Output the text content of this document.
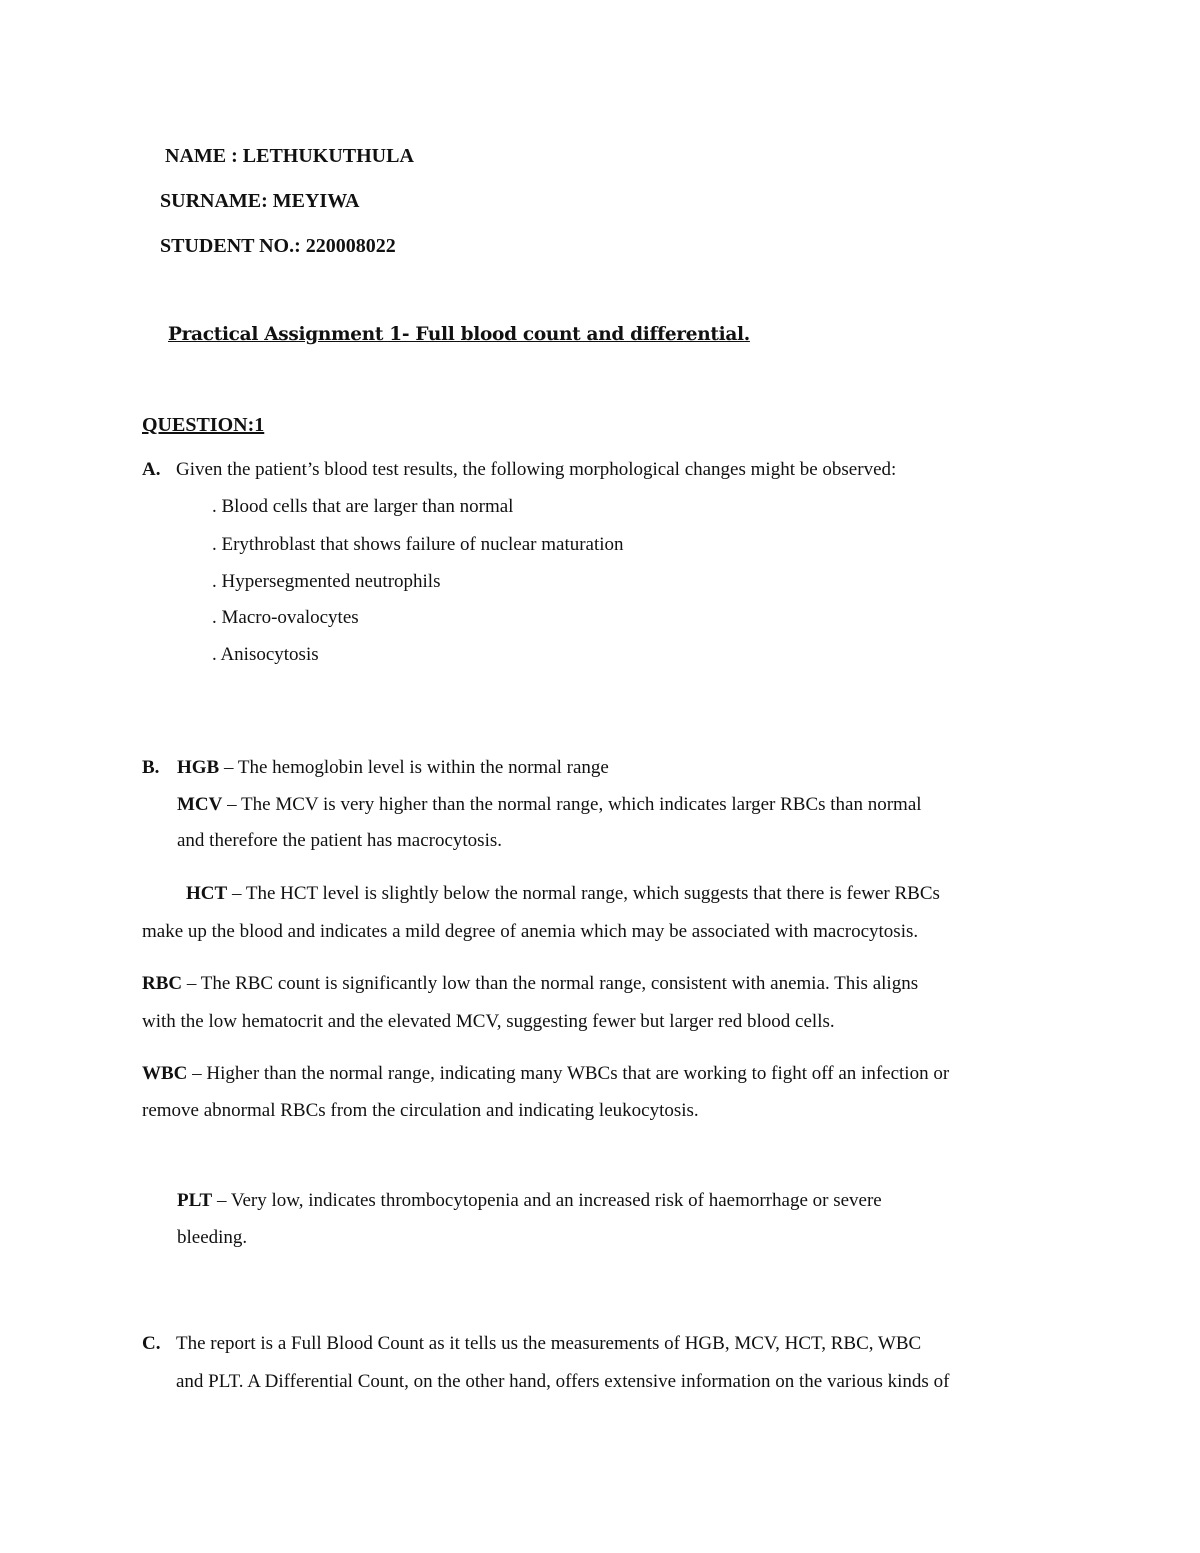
NAME : LETHUKUTHULA
SURNAME: MEYIWA
STUDENT NO.: 220008022
Practical Assignment 1- Full blood count and differential.
QUESTION:1
A. Given the patient’s blood test results, the following morphological changes might be observed:
. Blood cells that are larger than normal
. Erythroblast that shows failure of nuclear maturation
. Hypersegmented neutrophils
. Macro-ovalocytes
. Anisocytosis
B. HGB – The hemoglobin level is within the normal range
MCV – The MCV is very higher than the normal range, which indicates larger RBCs than normal
and therefore the patient has macrocytosis.
HCT – The HCT level is slightly below the normal range, which suggests that there is fewer RBCs
make up the blood and indicates a mild degree of anemia which may be associated with macrocytosis.
RBC – The RBC count is significantly low than the normal range, consistent with anemia. This aligns
with the low hematocrit and the elevated MCV, suggesting fewer but larger red blood cells.
WBC – Higher than the normal range, indicating many WBCs that are working to fight off an infection or
remove abnormal RBCs from the circulation and indicating leukocytosis.
PLT – Very low, indicates thrombocytopenia and an increased risk of haemorrhage or severe
bleeding.
C. The report is a Full Blood Count as it tells us the measurements of HGB, MCV, HCT, RBC, WBC
and PLT. A Differential Count, on the other hand, offers extensive information on the various kinds of
